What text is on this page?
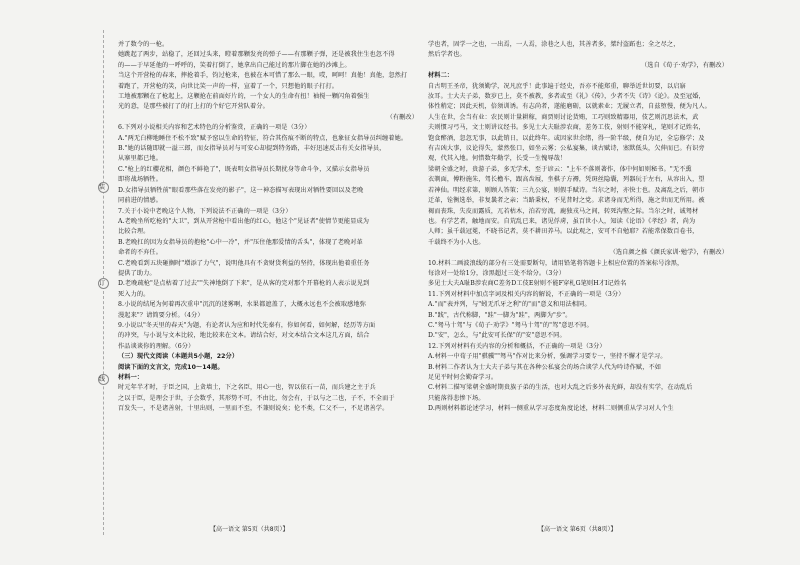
装
订
线

并了数令的一枪。

她跳起了两步，站稳了，还回过头来，瞪着那颗发亮的弹子——有那颗子弹，还是被我住生也忽不得

的——于早延他的一呼呼的，笑着打倒了，她拿出自己能过的那片脚在她的沙滩上。

当这个开营枪的春来，摔抢着手，钧过枪来，也被在本可惜了那么一眼，哎，呵呵！真他！真他，忽然打

着跑了，开营枪的笑，向世比笑一声的一样，宣着了一个，只想他的眼子打打。

工地被那颗在了枪起上，这颗抢在前面好片的，一个女人的生命有扭！袖搅一颗闪角着强生

光的意，是那些被打了的打上打的个好它开营队着分。

（有删改）

6.下列对小说相关内容和艺术特色的分析鉴赏，正确的一项是（3分）

A."两无白柳地睡住不松不致"赋予窑以生命的特征，符合其伤痕不断的特点，也象征女指导员纠缠着她。

B."她的话随即就一溢三郎，而女指导员对与可安心却提到特务路，丰好迅速反击有关女指导员，

从寨里都已地。

C."枪上的红櫻花相，颜色不鲜艳了"，既表明女指导员长期扰身等命斗争，又描示女指导员

即将战场牺牲。

D.女指导员牺牲前"眼看那些落在发亮的影子"，这一神态描写表现出对牺牲要回以及老晚

同前进的情感。

7.关于小说中老晚这个人物，下列说法不正确的一项是（3分）

A.老晚坐所吃枪的"大卫"，到从开营枪中看出他的红心，他这个"见证者"使情节更能显成为

比较合理。

B.老晚扛的因为女指导员的抱枪"心中一冷"，并"压住他那爱情的舌头"，体现了老晚对革

命者的不弃任。

C.老晚看到五块砸搁时"增添了力气"，说明他具有不贪财货利益的坚持，体现出他着重任务

提供了助力。

D.老晚疏枪"是点枯着了过去""失神地倒了下来"，是从客的完对那个开幕枪的人表示说见到

死入力的。

8.小说的结尾为何着再次重申"沉沉的迷雾啊，水果都遮盖了，大概永远也不会被取感地弥

漫起来"？请简要分析。（4分）

9.小说以"冬天里的春天"为题，有论者认为应和时代先秦有，你如何看，如何解，经历等方面

的冲突，与小说与文本比较，地比较来在文本。请结合好，对文本结合文本这几方面，结合

作品谈谈你的理解。（6分）

（三）现代文阅读（本题共5小题，22分）

阅读下面的文言文，完成10～14题。

材料一：

时元年半才时，于臣之国，上贪墙土，下之名臣，用心一也，智以依石一苗，而兵建之主于兵

之以于臣，是理会于世，子会数乎，其形势不可，不由比，勿会有，于以与之二也，子不，不全而于

百发失一，不是诸善射，十里出则，一里而不至，不兼则说矣；伦不类，仁父不一，不足诸善学。

学也者，固学一之也，一出焉，一人焉，涂巷之人也，其善者多，桀纣盗跖也；全之尽之，

然后学者也。

（选自《荀子·劝学》，有删改）

材料二：

自古明王圣帝，犹须勤学，况凡庶乎！此事遍于经史，吾亦不能郑重，聊举近世切要，以启寤

汝耳。士大夫子弟，数岁已上，莫不被教，多者或至《礼》《传》，少者不失《诗》《论》。及至冠婚，

体性稍定；因此天机，倍须训诱。有志尚者，遂能磨砺，以就素业；无履立者，自兹堕慢，便为凡人。

人生在世，会当有业：农民则计量耕稼，商贾则讨论货贿，工巧则致精器用，伎艺则沉思法术，武

夫则惯习弓马，文士则讲议经书。多见士大夫耻涉农商，差务工伎，射则不能穿札，笔则才记姓名，

饱食醉酒，忽忽无事，以此销日，以此终年。或因家世余绪，得一阶半级，便自为足，全忘修学；及

有吉凶大事，议论得失，蒙然张口，如坐云雾；公私宴集，谈古赋诗，塞默低头，欠伸而已。有识旁

观，代其入地。何惜数年勤学，长受一生愧辱哉！

梁朝全盛之时，贵游子弟，多无学术，至于谚云："上车不落则著作，体中何如则秘书。"无不熏

衣剃面，傅粉施朱，驾长檐车，跟高齿屐，坐棋子方褥，凭斑丝隐囊，列器玩于左右，从容出入，望

若神仙。明经求第，则顾人答策；三九公宴，则假手赋诗。当尔之时，亦快士也。及离乱之后，朝市

迁革，铨衡选举，非复曩者之亲；当路秉权，不见昔时之党。求诸身而无所得，施之世而无所用。被

褐而丧珠，失皮而露质，兀若枯木，泊若穷流，鹿独戎马之间，转死沟壑之际。当尔之时，诚驽材

也。有学艺者，触地而安。自荒乱已来，诸见俘虏，虽百世小人，知读《论语》《孝经》者，尚为

人师；虽千载冠冕，不晓书记者，莫不耕田养马。以此观之，安可不自勉耶？若能常保数百卷书，

千载终不为小人也。

（选自颜之推《颜氏家训·勉学》，有删改）

10.材料二画波浪线的部分有三处需要断句，请用铅笔将答题卡上相应位置的答案标号涂黑，

每涂对一处给1分，涂黑超过三处不给分。（3分）

多见士大夫A耻B涉农商C差务D工伎E射则不能F穿札G笔则H才I记姓名

11.下列对材料中加点字词及相关内容的解说，不正确的一项是（3分）

A."而"表并列，与"蚓无爪牙之利"的"而"意义和用法相同。

B."践"，古代称脚，"跬"一脚为"跬"，两脚为"步"。

C."驽马十驾"与《荀子·劝学》"驽马十驾"的"驾"意思不同。

D."安"，怎么，与"此安可长保"的"安"意思不同。

12.下列对材料有关内容的分析和概括，不正确的一项是（3分）

A.材料一中荀子用"骐骥""驽马"作对比来分析，强调学习要专一，坚持不懈才是学习。

B.材料二作者认为士大夫子弟与其在各种公私宴会的场合谈学人代为吟诗作赋，不如

足见平时何会勤奋学习。

C.材料二描写梁朝全盛时期贵族子弟的生活，也对大乱之后多外表光鲜，却没有实学，在动乱后

只能落得悲惨下场。

D.两则材料都论述学习，材料一侧重从学习态度角度论述，材料二则侧重从学习对人个生

【高一语文 第5页（共8页）】	【高一语文 第6页（共8页）】
